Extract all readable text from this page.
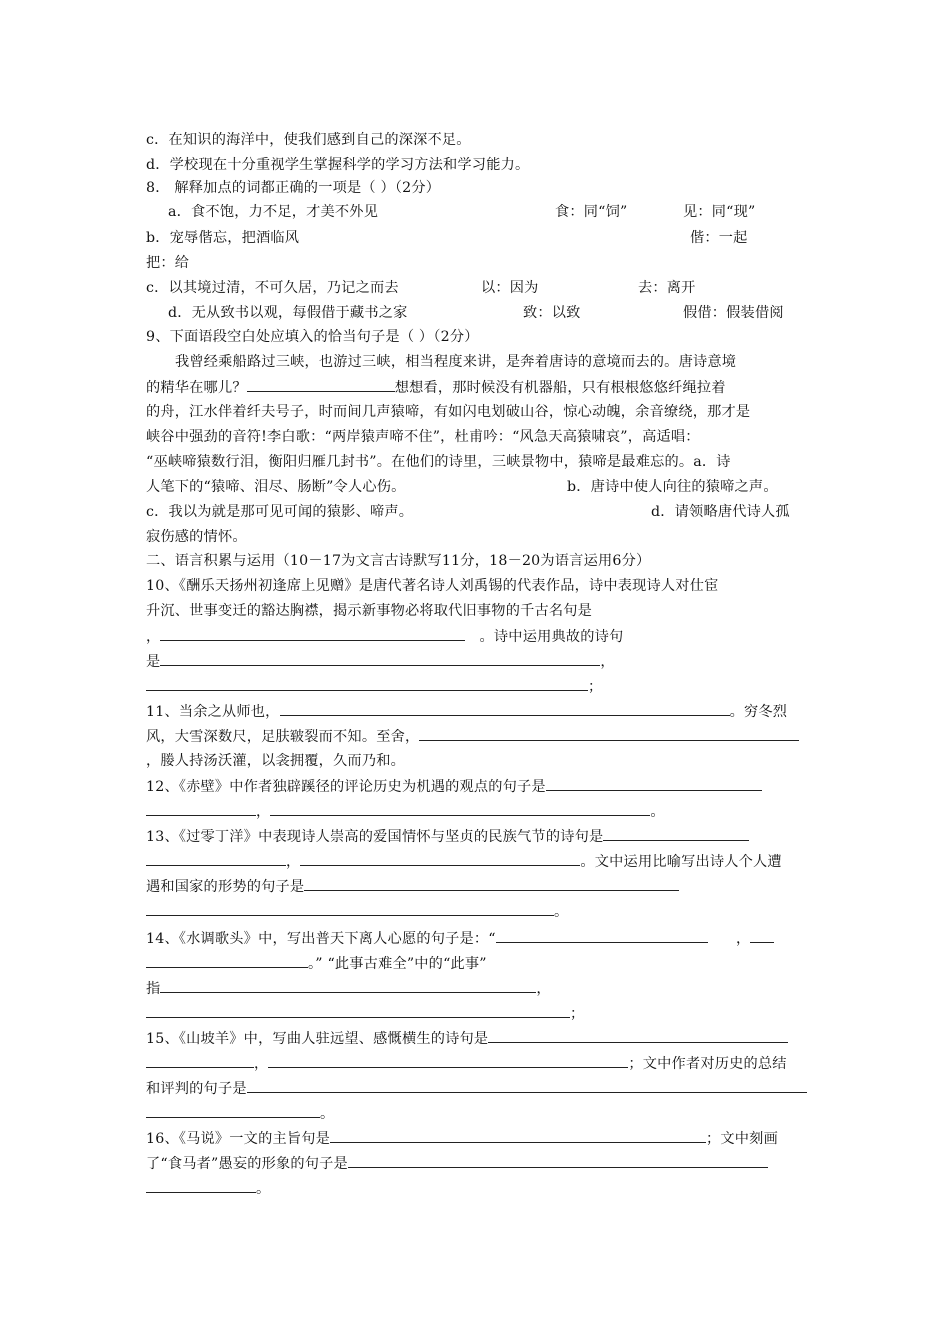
c．在知识的海洋中，使我们感到自己的深深不足。
d．学校现在十分重视学生掌握科学的学习方法和学习能力。
8． 解释加点的词都正确的一项是（ ）（2分）
a．食不饱，力不足，才美不外见	食：同“饲”	见：同“现”
b．宠辱偕忘，把酒临风	偕：一起
把：给
c．以其境过清，不可久居，乃记之而去	以：因为	去：离开
d．无从致书以观，每假借于藏书之家	致：以致	假借：假装借阅
9、下面语段空白处应填入的恰当句子是（ ）（2分）
我曾经乘船路过三峡，也游过三峡，相当程度来讲，是奔着唐诗的意境而去的。唐诗意境
的精华在哪儿？	想想看，那时候没有机器船，只有根根悠悠纤绳拉着
的舟，江水伴着纤夫号子，时而间几声猿啼，有如闪电划破山谷，惊心动魄，余音缭绕，那才是
峡谷中强劲的音符!李白歌：“两岸猿声啼不住”，杜甫吟：“风急天高猿啸哀”，高适唱：
“巫峡啼猿数行泪，衡阳归雁几封书”。在他们的诗里，三峡景物中，猿啼是最难忘的。a．诗
人笔下的“猿啼、泪尽、肠断”令人心伤。	b．唐诗中使人向往的猿啼之声。
c．我以为就是那可见可闻的猿影、啼声。	d．请领略唐代诗人孤
寂伤感的情怀。
二、语言积累与运用（10－17为文言古诗默写11分，18－20为语言运用6分）
10、《酬乐天扬州初逢席上见赠》是唐代著名诗人刘禹锡的代表作品，诗中表现诗人对仕宦
升沉、世事变迁的豁达胸襟，揭示新事物必将取代旧事物的千古名句是
，	。诗中运用典故的诗句
是	，
；
11、当余之从师也，	。穷冬烈
风，大雪深数尺，足肤皲裂而不知。至舍，
，媵人持汤沃灌，以衾拥覆，久而乃和。
12、《赤壁》中作者独辟蹊径的评论历史为机遇的观点的句子是
，	。
13、《过零丁洋》中表现诗人崇高的爱国情怀与坚贞的民族气节的诗句是
，	。文中运用比喻写出诗人个人遭
遇和国家的形势的句子是
。
14、《水调歌头》中，写出普天下离人心愿的句子是：“	，
。” “此事古难全”中的“此事”
指	，
；
15、《山坡羊》中，写曲人驻远望、感慨横生的诗句是
，	；文中作者对历史的总结
和评判的句子是
。
16、《马说》一文的主旨句是	；文中刻画
了“食马者”愚妄的形象的句子是
。
